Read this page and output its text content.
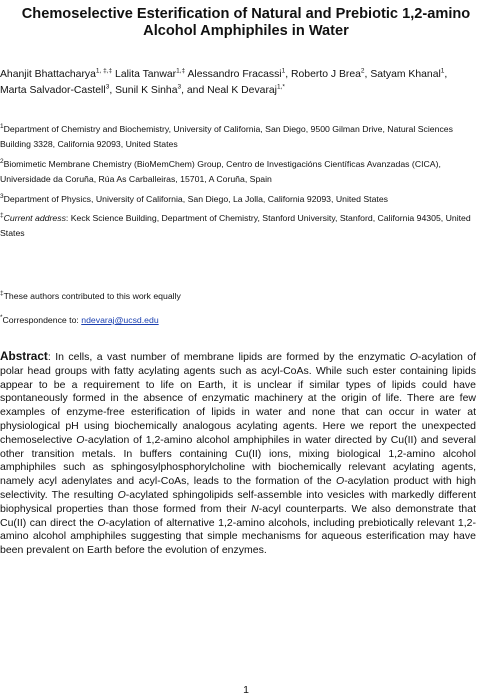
Chemoselective Esterification of Natural and Prebiotic 1,2-amino Alcohol Amphiphiles in Water
Ahanjit Bhattacharya$^{1, \ddagger,\ddagger}$ Lalita Tanwar$^{1,\ddagger}$ Alessandro Fracassi$^1$, Roberto J Brea$^2$, Satyam Khanal$^1$, Marta Salvador-Castell$^3$, Sunil K Sinha$^3$, and Neal K Devaraj$^{1,*}$
$^1$Department of Chemistry and Biochemistry, University of California, San Diego, 9500 Gilman Drive, Natural Sciences Building 3328, California 92093, United States
$^2$Biomimetic Membrane Chemistry (BioMemChem) Group, Centro de Investigacións Científicas Avanzadas (CICA), Universidade da Coruña, Rúa As Carballeiras, 15701, A Coruña, Spain
$^3$Department of Physics, University of California, San Diego, La Jolla, California 92093, United States
‡Current address: Keck Science Building, Department of Chemistry, Stanford University, Stanford, California 94305, United States
‡These authors contributed to this work equally
*Correspondence to: ndevaraj@ucsd.edu
Abstract: In cells, a vast number of membrane lipids are formed by the enzymatic O-acylation of polar head groups with fatty acylating agents such as acyl-CoAs. While such ester containing lipids appear to be a requirement to life on Earth, it is unclear if similar types of lipids could have spontaneously formed in the absence of enzymatic machinery at the origin of life. There are few examples of enzyme-free esterification of lipids in water and none that can occur in water at physiological pH using biochemically analogous acylating agents. Here we report the unexpected chemoselective O-acylation of 1,2-amino alcohol amphiphiles in water directed by Cu(II) and several other transition metals. In buffers containing Cu(II) ions, mixing biological 1,2-amino alcohol amphiphiles such as sphingosylphosphorylcholine with biochemically relevant acylating agents, namely acyl adenylates and acyl-CoAs, leads to the formation of the O-acylation product with high selectivity. The resulting O-acylated sphingolipids self-assemble into vesicles with markedly different biophysical properties than those formed from their N-acyl counterparts. We also demonstrate that Cu(II) can direct the O-acylation of alternative 1,2-amino alcohols, including prebiotically relevant 1,2-amino alcohol amphiphiles suggesting that simple mechanisms for aqueous esterification may have been prevalent on Earth before the evolution of enzymes.
1
